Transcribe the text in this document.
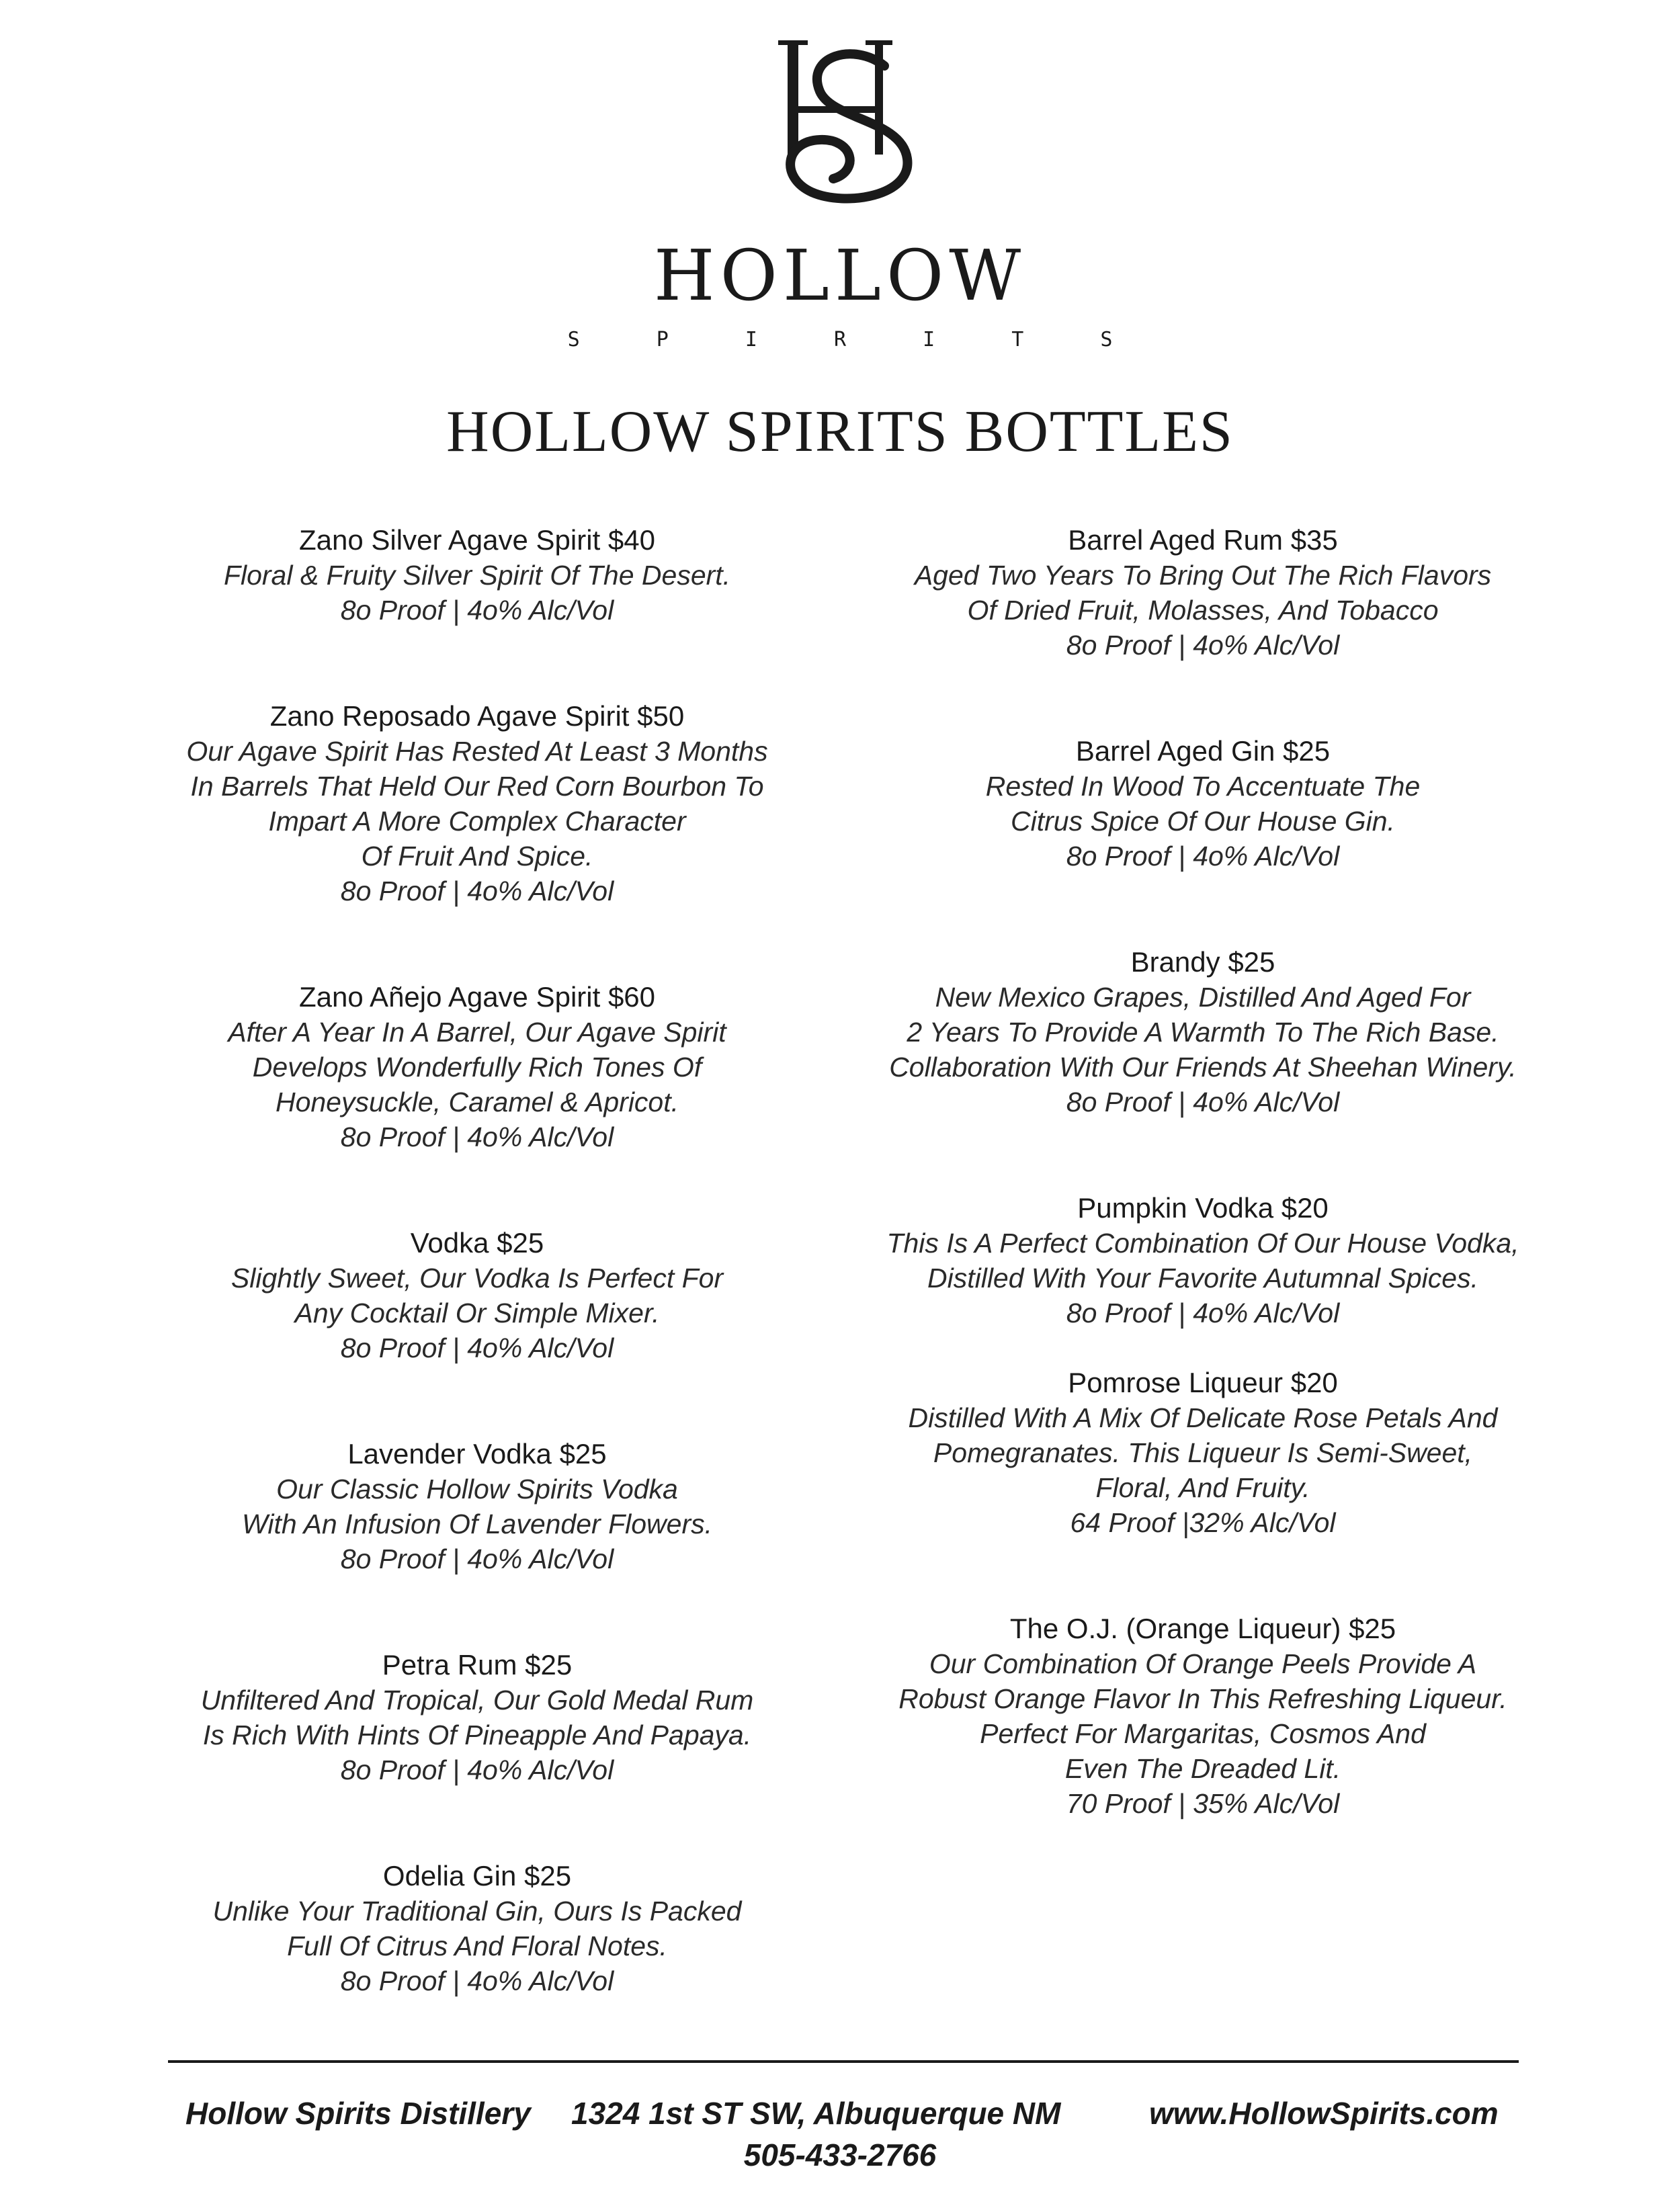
HOLLOW
S P I R I T S
HOLLOW SPIRITS BOTTLES
Zano Silver Agave Spirit $40
Floral & Fruity Silver Spirit Of The Desert.
8o Proof | 4o% Alc/Vol
Zano Reposado Agave Spirit $50
Our Agave Spirit Has Rested At Least 3 Months
In Barrels That Held Our Red Corn Bourbon To
Impart A More Complex Character
Of Fruit And Spice.
8o Proof | 4o% Alc/Vol
Zano Añejo Agave Spirit $60
After A Year In A Barrel, Our Agave Spirit
Develops Wonderfully Rich Tones Of
Honeysuckle, Caramel & Apricot.
8o Proof | 4o% Alc/Vol
Vodka $25
Slightly Sweet, Our Vodka Is Perfect For
Any Cocktail Or Simple Mixer.
8o Proof | 4o% Alc/Vol
Lavender Vodka $25
Our Classic Hollow Spirits Vodka
With An Infusion Of Lavender Flowers.
8o Proof | 4o% Alc/Vol
Petra Rum $25
Unfiltered And Tropical, Our Gold Medal Rum
Is Rich With Hints Of Pineapple And Papaya.
8o Proof | 4o% Alc/Vol
Odelia Gin $25
Unlike Your Traditional Gin, Ours Is Packed
Full Of Citrus And Floral Notes.
8o Proof | 4o% Alc/Vol
Barrel Aged Rum $35
Aged Two Years To Bring Out The Rich Flavors
Of Dried Fruit, Molasses, And Tobacco
8o Proof | 4o% Alc/Vol
Barrel Aged Gin $25
Rested In Wood To Accentuate The
Citrus Spice Of Our House Gin.
8o Proof | 4o% Alc/Vol
Brandy $25
New Mexico Grapes, Distilled And Aged For
2 Years To Provide A Warmth To The Rich Base.
Collaboration With Our Friends At Sheehan Winery.
8o Proof | 4o% Alc/Vol
Pumpkin Vodka $20
This Is A Perfect Combination Of Our House Vodka,
Distilled With Your Favorite Autumnal Spices.
8o Proof | 4o% Alc/Vol
Pomrose Liqueur $20
Distilled With A Mix Of Delicate Rose Petals And
Pomegranates. This Liqueur Is Semi-Sweet,
Floral, And Fruity.
64 Proof |32% Alc/Vol
The O.J. (Orange Liqueur) $25
Our Combination Of Orange Peels Provide A
Robust Orange Flavor In This Refreshing Liqueur.
Perfect For Margaritas, Cosmos And
Even The Dreaded Lit.
70 Proof | 35% Alc/Vol
Hollow Spirits Distillery 1324 1st ST SW, Albuquerque NM	www.HollowSpirits.com
505-433-2766
